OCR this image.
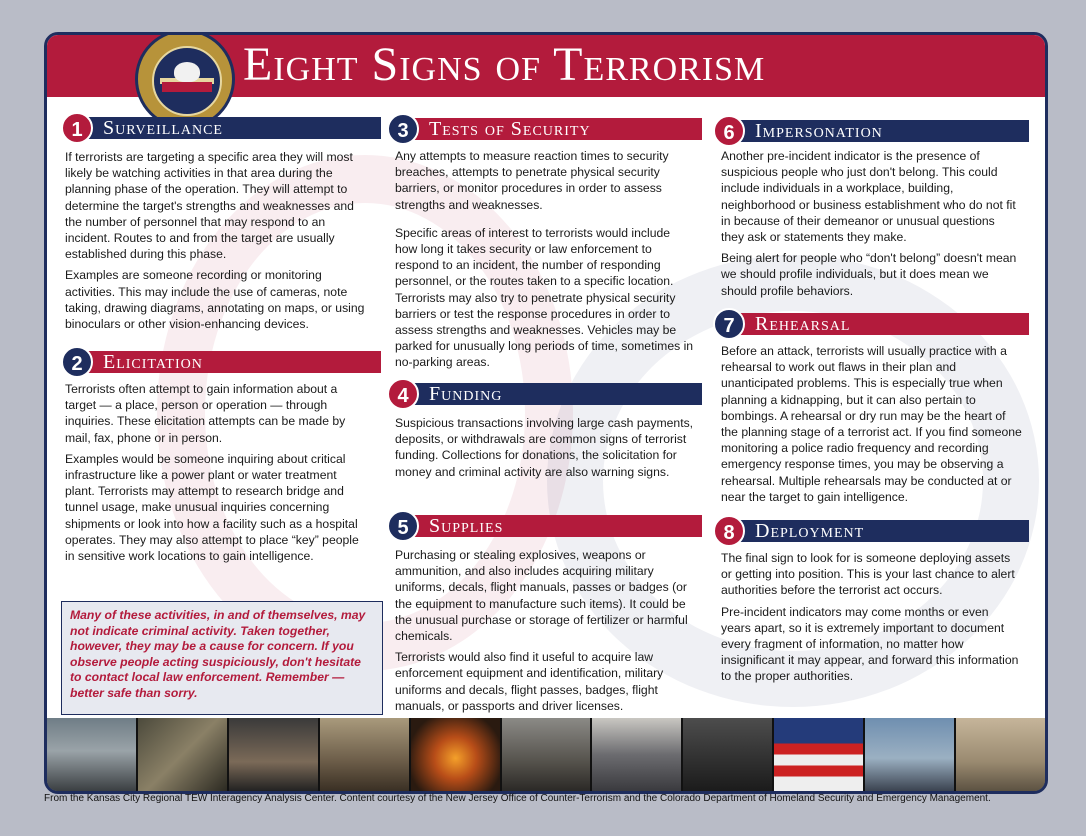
Eight Signs of Terrorism
1	Surveillance

If terrorists are targeting a specific area they will most likely be watching activities in that area during the planning phase of the operation. They will attempt to determine the target's strengths and weaknesses and the number of personnel that may respond to an incident. Routes to and from the target are usually established during this phase.

Examples are someone recording or monitoring activities. This may include the use of cameras, note taking, drawing diagrams, annotating on maps, or using binoculars or other vision-enhancing devices.

2	Elicitation

Terrorists often attempt to gain information about a target — a place, person or operation — through inquiries. These elicitation attempts can be made by mail, fax, phone or in person.

Examples would be someone inquiring about critical infrastructure like a power plant or water treatment plant. Terrorists may attempt to research bridge and tunnel usage, make unusual inquiries concerning shipments or look into how a facility such as a hospital operates. They may also attempt to place “key” people in sensitive work locations to gain intelligence.

Many of these activities, in and of themselves, may not indicate criminal activity. Taken together, however, they may be a cause for concern. If you observe people acting suspiciously, don't hesitate to contact local law enforcement. Remember — better safe than sorry.
3	Tests of Security

Any attempts to measure reaction times to security breaches, attempts to penetrate physical security barriers, or monitor procedures in order to assess strengths and weaknesses.

Specific areas of interest to terrorists would include how long it takes security or law enforcement to respond to an incident, the number of responding personnel, or the routes taken to a specific location. Terrorists may also try to penetrate physical security barriers or test the response procedures in order to assess strengths and weaknesses. Vehicles may be parked for unusually long periods of time, sometimes in no-parking areas.

4	Funding

Suspicious transactions involving large cash payments, deposits, or withdrawals are common signs of terrorist funding. Collections for donations, the solicitation for money and criminal activity are also warning signs.

5	Supplies

Purchasing or stealing explosives, weapons or ammunition, and also includes acquiring military uniforms, decals, flight manuals, passes or badges (or the equipment to manufacture such items). It could be the unusual purchase or storage of fertilizer or harmful chemicals.

Terrorists would also find it useful to acquire law enforcement equipment and identification, military uniforms and decals, flight passes, badges, flight manuals, or passports and driver licenses.

6	Impersonation

Another pre-incident indicator is the presence of suspicious people who just don't belong. This could include individuals in a workplace, building, neighborhood or business establishment who do not fit in because of their demeanor or unusual questions they ask or statements they make.

Being alert for people who “don't belong” doesn't mean we should profile individuals, but it does mean we should profile behaviors.

7	Rehearsal

Before an attack, terrorists will usually practice with a rehearsal to work out flaws in their plan and unanticipated problems. This is especially true when planning a kidnapping, but it can also pertain to bombings. A rehearsal or dry run may be the heart of the planning stage of a terrorist act. If you find someone monitoring a police radio frequency and recording emergency response times, you may be observing a rehearsal. Multiple rehearsals may be conducted at or near the target to gain intelligence.

8	Deployment

The final sign to look for is someone deploying assets or getting into position. This is your last chance to alert authorities before the terrorist act occurs.

Pre-incident indicators may come months or even years apart, so it is extremely important to document every fragment of information, no matter how insignificant it may appear, and forward this information to the proper authorities.

From the Kansas City Regional TEW Interagency Analysis Center. Content courtesy of the New Jersey Office of Counter-Terrorism and the Colorado Department of Homeland Security and Emergency Management.
